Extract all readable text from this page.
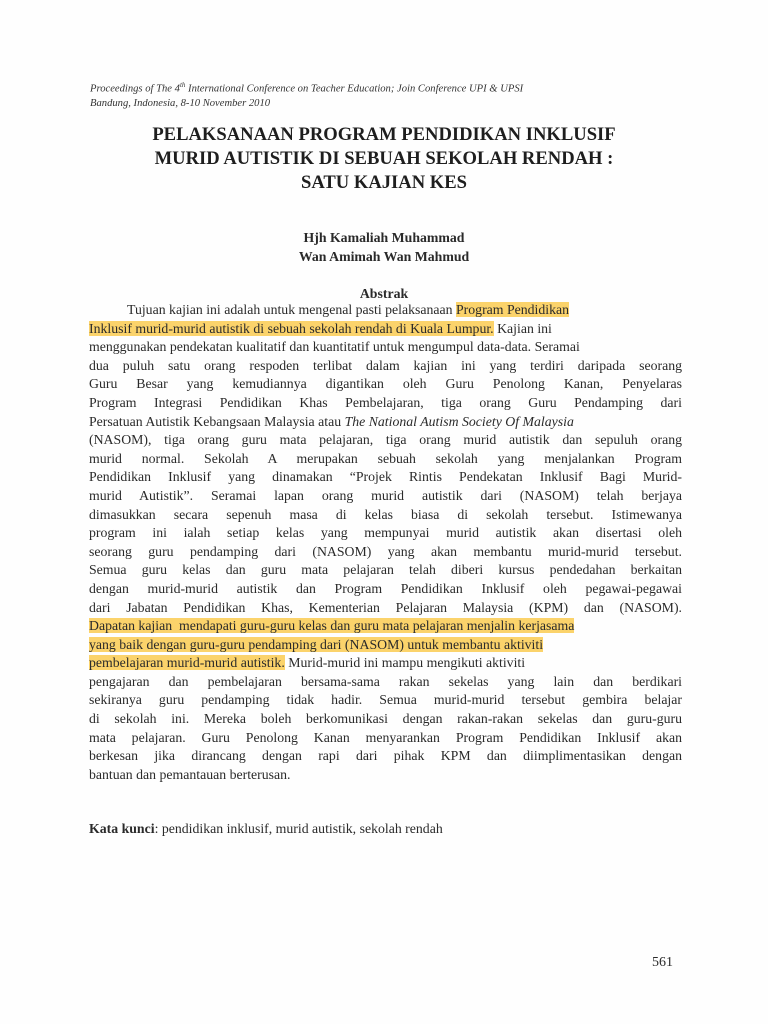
Proceedings of The 4th International Conference on Teacher Education; Join Conference UPI & UPSI
Bandung, Indonesia, 8-10 November 2010
PELAKSANAAN PROGRAM PENDIDIKAN INKLUSIF
MURID AUTISTIK DI SEBUAH SEKOLAH RENDAH :
SATU KAJIAN KES
Hjh Kamaliah Muhammad
Wan Amimah Wan Mahmud
Abstrak
Tujuan kajian ini adalah untuk mengenal pasti pelaksanaan Program Pendidikan
Inklusif murid-murid autistik di sebuah sekolah rendah di Kuala Lumpur. Kajian ini
menggunakan pendekatan kualitatif dan kuantitatif untuk mengumpul data-data. Seramai
dua puluh satu orang respoden terlibat dalam kajian ini yang terdiri daripada seorang
Guru Besar yang kemudiannya digantikan oleh Guru Penolong Kanan, Penyelaras
Program Integrasi Pendidikan Khas Pembelajaran, tiga orang Guru Pendamping dari
Persatuan Autistik Kebangsaan Malaysia atau The National Autism Society Of Malaysia
(NASOM), tiga orang guru mata pelajaran, tiga orang murid autistik dan sepuluh orang
murid normal. Sekolah A merupakan sebuah sekolah yang menjalankan Program
Pendidikan Inklusif yang dinamakan “Projek Rintis Pendekatan Inklusif Bagi Murid-
murid Autistik”. Seramai lapan orang murid autistik dari (NASOM) telah berjaya
dimasukkan secara sepenuh masa di kelas biasa di sekolah tersebut. Istimewanya
program ini ialah setiap kelas yang mempunyai murid autistik akan disertasi oleh
seorang guru pendamping dari (NASOM) yang akan membantu murid-murid tersebut.
Semua guru kelas dan guru mata pelajaran telah diberi kursus pendedahan berkaitan
dengan murid-murid autistik dan Program Pendidikan Inklusif oleh pegawai-pegawai
dari Jabatan Pendidikan Khas, Kementerian Pelajaran Malaysia (KPM) dan (NASOM).
Dapatan kajian  mendapati guru-guru kelas dan guru mata pelajaran menjalin kerjasama
yang baik dengan guru-guru pendamping dari (NASOM) untuk membantu aktiviti
pembelajaran murid-murid autistik. Murid-murid ini mampu mengikuti aktiviti
pengajaran dan pembelajaran bersama-sama rakan sekelas yang lain dan berdikari
sekiranya guru pendamping tidak hadir. Semua murid-murid tersebut gembira belajar
di sekolah ini. Mereka boleh berkomunikasi dengan rakan-rakan sekelas dan guru-guru
mata pelajaran. Guru Penolong Kanan menyarankan Program Pendidikan Inklusif akan
berkesan jika dirancang dengan rapi dari pihak KPM dan diimplimentasikan dengan
bantuan dan pemantauan berterusan.
Kata kunci: pendidikan inklusif, murid autistik, sekolah rendah
561
